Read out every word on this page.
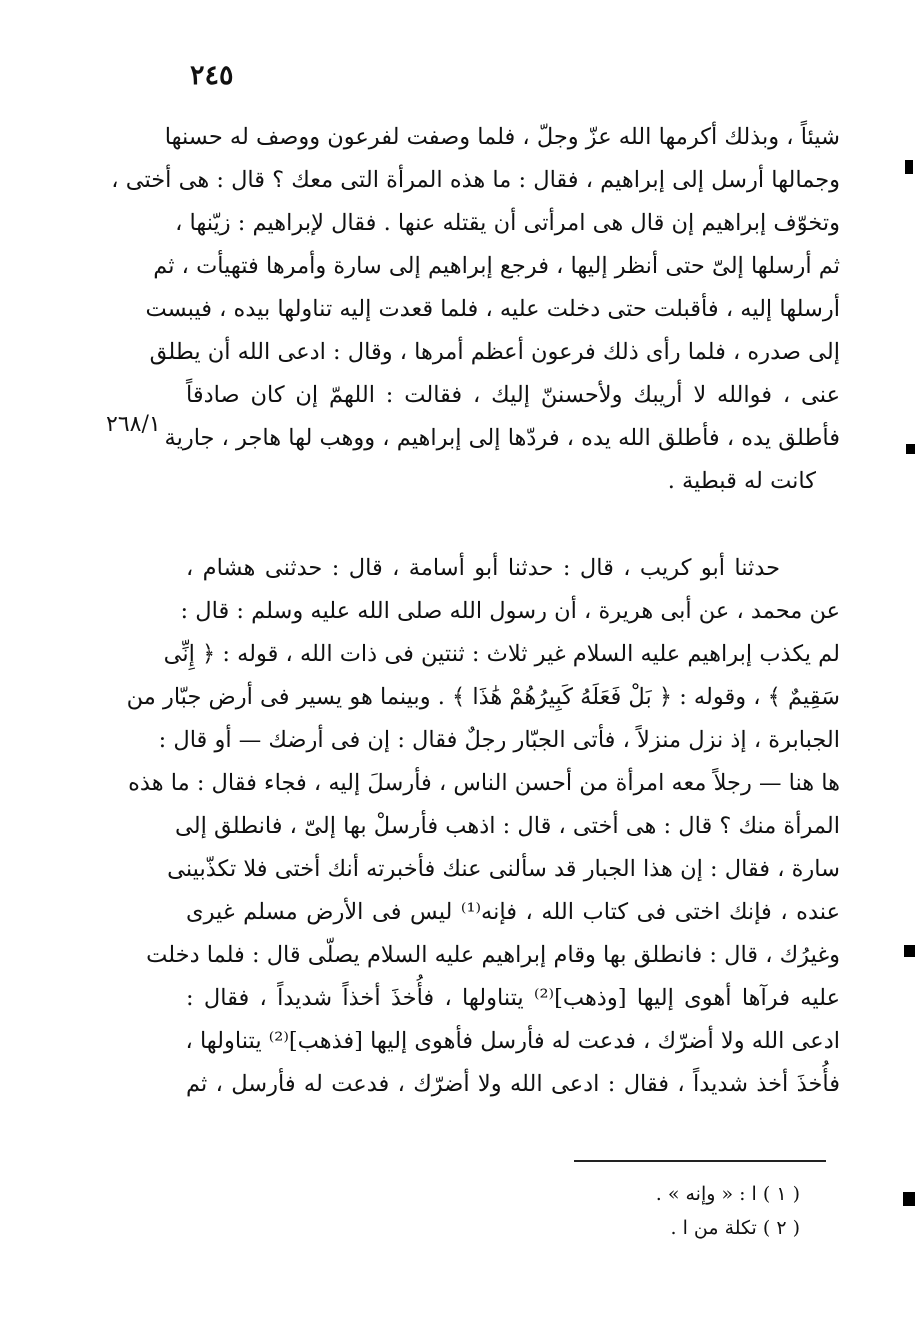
٢٤٥
٢٦٨/١
شيئاً ، وبذلك أكرمها الله عزّ وجلّ ، فلما وصفت لفرعون ووصف له حسنها
وجمالها أرسل إلى إبراهيم ، فقال : ما هذه المرأة التى معك ؟ قال : هى أختى ،
وتخوّف إبراهيم إن قال هى امرأتى أن يقتله عنها . فقال لإبراهيم : زيّنها ،
ثم أرسلها إلىّ حتى أنظر إليها ، فرجع إبراهيم إلى سارة وأمرها فتهيأت ، ثم
أرسلها إليه ، فأقبلت حتى دخلت عليه ، فلما قعدت إليه تناولها بيده ، فيبست
إلى صدره ، فلما رأى ذلك فرعون أعظم أمرها ، وقال : ادعى الله أن يطلق
عنى ، فوالله لا أريبك ولأحسننّ إليك ، فقالت : اللهمّ إن كان صادقاً
فأطلق يده ، فأطلق الله يده ، فردّها إلى إبراهيم ، ووهب لها هاجر ، جارية
كانت له قبطية .
حدثنا أبو كريب ، قال : حدثنا أبو أسامة ، قال : حدثنى هشام ،
عن محمد ، عن أبى هريرة ، أن رسول الله صلى الله عليه وسلم : قال :
لم يكذب إبراهيم عليه السلام غير ثلاث : ثنتين فى ذات الله ، قوله : ﴿ إِنِّى
سَقِيمٌ ﴾ ، وقوله : ﴿ بَلْ فَعَلَهُ كَبِيرُهُمْ هَٰذَا ﴾ . وبينما هو يسير فى أرض جبّار من
الجبابرة ، إذ نزل منزلاً ، فأتى الجبّار رجلٌ فقال : إن فى أرضك — أو قال :
ها هنا — رجلاً معه امرأة من أحسن الناس ، فأرسلَ إليه ، فجاء فقال : ما هذه
المرأة منك ؟ قال : هى أختى ، قال : اذهب فأرسلْ بها إلىّ ، فانطلق إلى
سارة ، فقال : إن هذا الجبار قد سألنى عنك فأخبرته أنك أختى فلا تكذّبينى
عنده ، فإنك اختى فى كتاب الله ، فإنه⁽¹⁾ ليس فى الأرض مسلم غيرى
وغيرُك ، قال : فانطلق بها وقام إبراهيم عليه السلام يصلّى قال : فلما دخلت
عليه فرآها أهوى إليها [وذهب]⁽²⁾ يتناولها ، فأُخذَ أخذاً شديداً ، فقال :
ادعى الله ولا أضرّك ، فدعت له فأرسل فأهوى إليها [فذهب]⁽²⁾ يتناولها ،
فأُخذَ أخذ شديداً ، فقال : ادعى الله ولا أضرّك ، فدعت له فأرسل ، ثم
( ١ ) ا : « وإنه » .
( ٢ ) تكلة من ا .
